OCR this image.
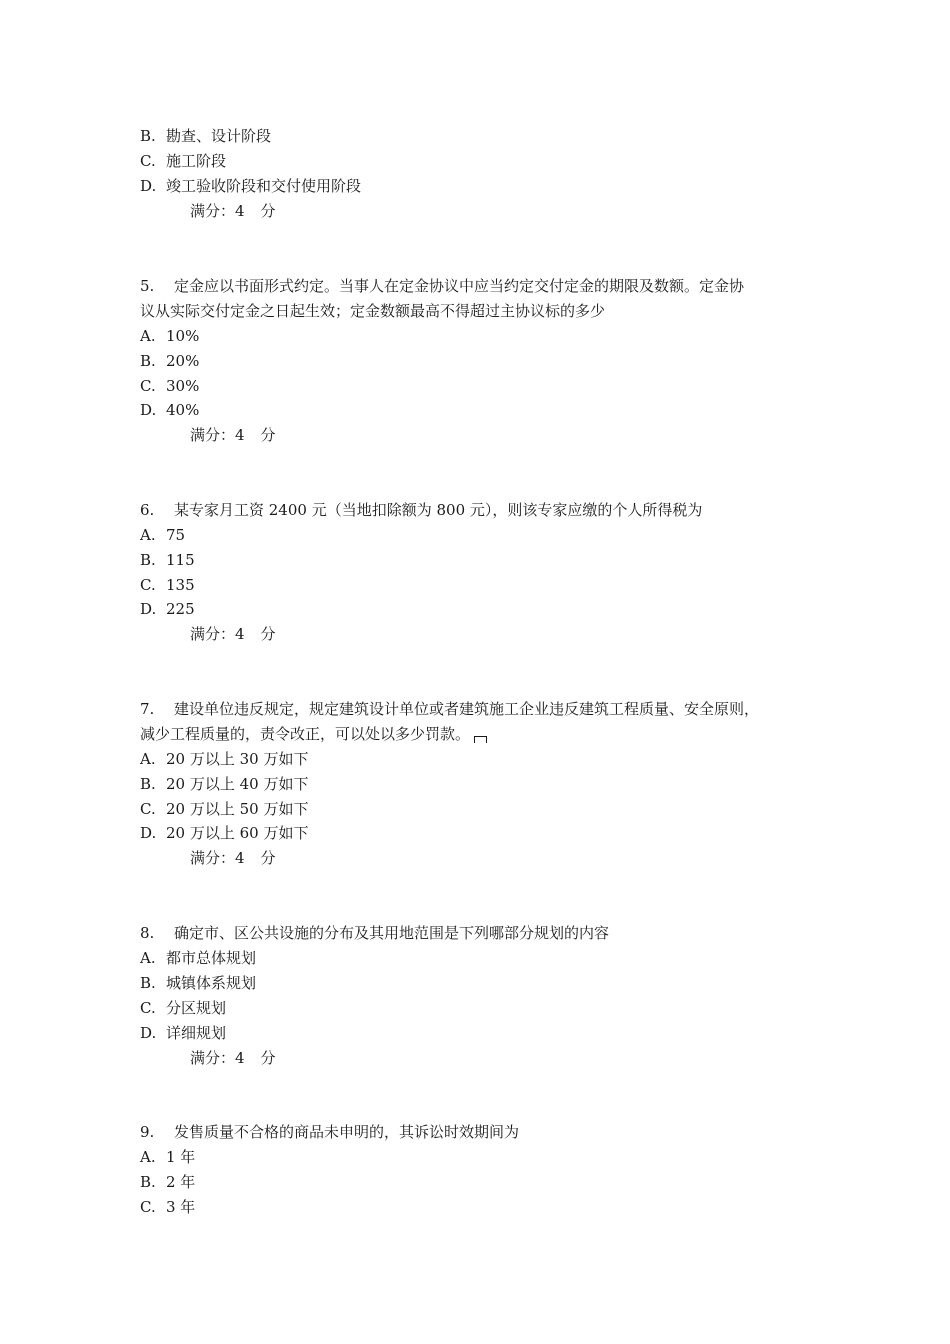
B. 勘查、设计阶段
C. 施工阶段
D. 竣工验收阶段和交付使用阶段
满分：4 分
5. 定金应以书面形式约定。当事人在定金协议中应当约定交付定金的期限及数额。定金协
议从实际交付定金之日起生效；定金数额最高不得超过主协议标的多少
A. 10%
B. 20%
C. 30%
D. 40%
满分：4 分
6. 某专家月工资 2400 元（当地扣除额为 800 元），则该专家应缴的个人所得税为
A. 75
B. 115
C. 135
D. 225
满分：4 分
7. 建设单位违反规定，规定建筑设计单位或者建筑施工企业违反建筑工程质量、安全原则，
减少工程质量的，责令改正，可以处以多少罚款。
A. 20 万以上 30 万如下
B. 20 万以上 40 万如下
C. 20 万以上 50 万如下
D. 20 万以上 60 万如下
满分：4 分
8. 确定市、区公共设施的分布及其用地范围是下列哪部分规划的内容
A. 都市总体规划
B. 城镇体系规划
C. 分区规划
D. 详细规划
满分：4 分
9. 发售质量不合格的商品未申明的，其诉讼时效期间为
A. 1 年
B. 2 年
C. 3 年
